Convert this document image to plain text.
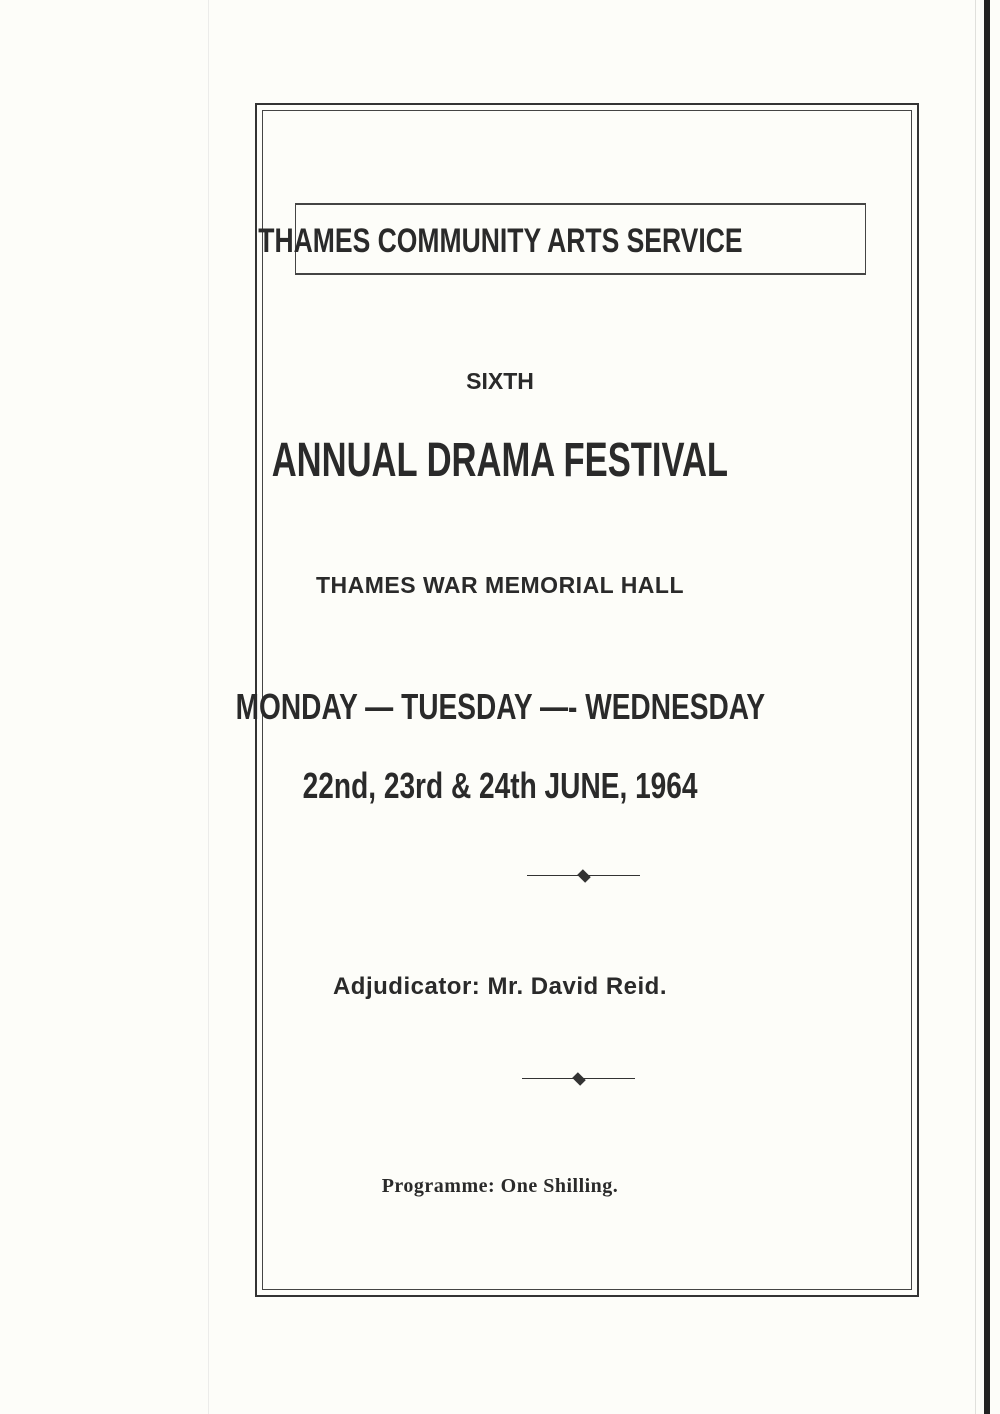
THAMES COMMUNITY ARTS SERVICE
SIXTH
ANNUAL DRAMA FESTIVAL
THAMES WAR MEMORIAL HALL
MONDAY — TUESDAY —- WEDNESDAY
22nd, 23rd & 24th JUNE, 1964
Adjudicator: Mr. David Reid.
Programme: One Shilling.
